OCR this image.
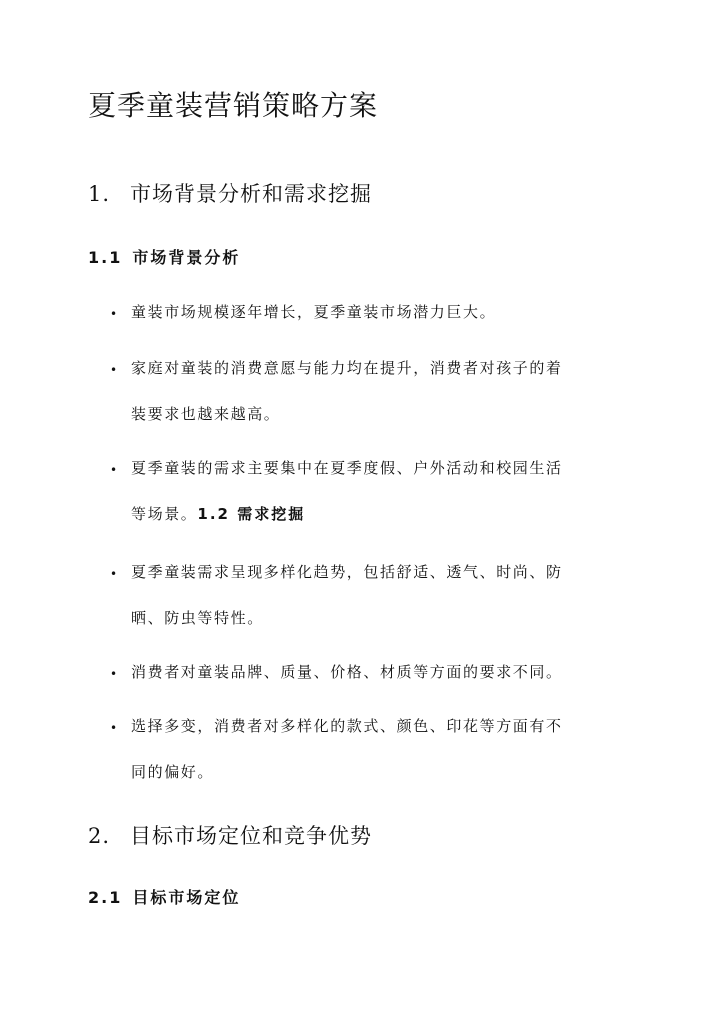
夏季童装营销策略方案
1. 市场背景分析和需求挖掘
1.1 市场背景分析
• 童装市场规模逐年增长，夏季童装市场潜力巨大。
• 家庭对童装的消费意愿与能力均在提升，消费者对孩子的着
装要求也越来越高。
• 夏季童装的需求主要集中在夏季度假、户外活动和校园生活
等场景。1.2 需求挖掘
• 夏季童装需求呈现多样化趋势，包括舒适、透气、时尚、防
晒、防虫等特性。
• 消费者对童装品牌、质量、价格、材质等方面的要求不同。
• 选择多变，消费者对多样化的款式、颜色、印花等方面有不
同的偏好。
2. 目标市场定位和竞争优势
2.1 目标市场定位
